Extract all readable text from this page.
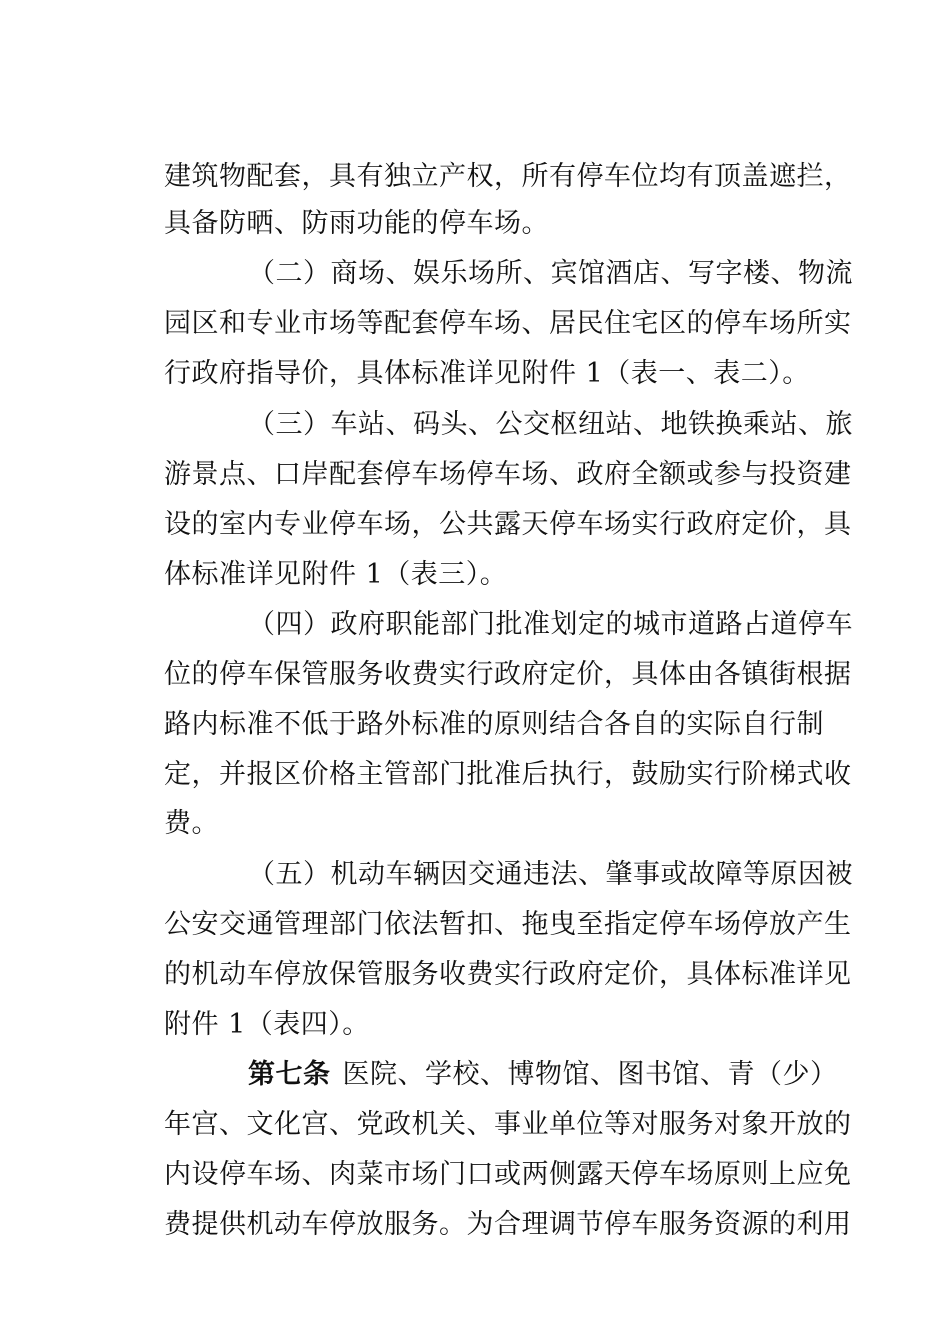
建筑物配套，具有独立产权，所有停车位均有顶盖遮拦，
具备防晒、防雨功能的停车场。
（二）商场、娱乐场所、宾馆酒店、写字楼、物流
园区和专业市场等配套停车场、居民住宅区的停车场所实
行政府指导价，具体标准详见附件 1（表一、表二）。
（三）车站、码头、公交枢纽站、地铁换乘站、旅
游景点、口岸配套停车场停车场、政府全额或参与投资建
设的室内专业停车场，公共露天停车场实行政府定价，具
体标准详见附件 1（表三）。
（四）政府职能部门批准划定的城市道路占道停车
位的停车保管服务收费实行政府定价，具体由各镇街根据
路内标准不低于路外标准的原则结合各自的实际自行制
定，并报区价格主管部门批准后执行，鼓励实行阶梯式收
费。
（五）机动车辆因交通违法、肇事或故障等原因被
公安交通管理部门依法暂扣、拖曳至指定停车场停放产生
的机动车停放保管服务收费实行政府定价，具体标准详见
附件 1（表四）。
第七条 医院、学校、博物馆、图书馆、青（少）
年宫、文化宫、党政机关、事业单位等对服务对象开放的
内设停车场、肉菜市场门口或两侧露天停车场原则上应免
费提供机动车停放服务。为合理调节停车服务资源的利用
